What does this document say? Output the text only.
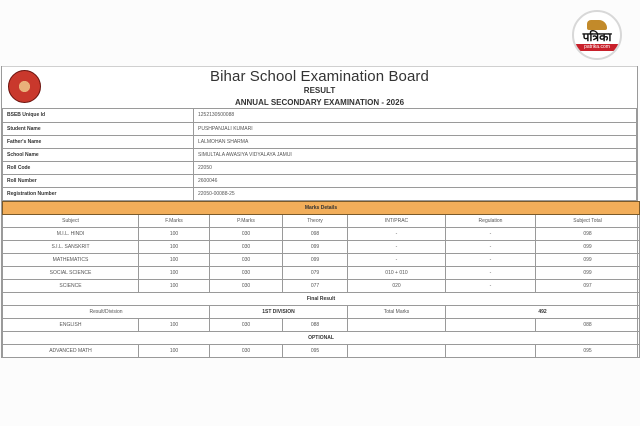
पत्रिका
patrika.com
Bihar School Examination Board
RESULT
ANNUAL SECONDARY EXAMINATION - 2026
BSEB Unique Id	1252130500088
Student Name	PUSHPANJALI KUMARI
Father's Name	LALMOHAN SHARMA
School Name	SIMULTALA AWASIYA VIDYALAYA JAMUI
Roll Code	22050
Roll Number	2600046
Registration Number	22050-00088-25
Marks Details						
Subject	F.Marks	P.Marks	Theory	INT/PRAC	Regulation	Subject Total
M.I.L. HINDI	100	030	098	-	-	098
S.I.L. SANSKRIT	100	030	099	-	-	099
MATHEMATICS	100	030	099	-	-	099
SOCIAL SCIENCE	100	030	079	010 + 010	-	099
SCIENCE	100	030	077	020	-	097
Final Result						
Result/Division		1ST DIVISION		Total Marks	492	
ENGLISH	100	030	088			088
OPTIONAL						
ADVANCED MATH	100	030	095			095
